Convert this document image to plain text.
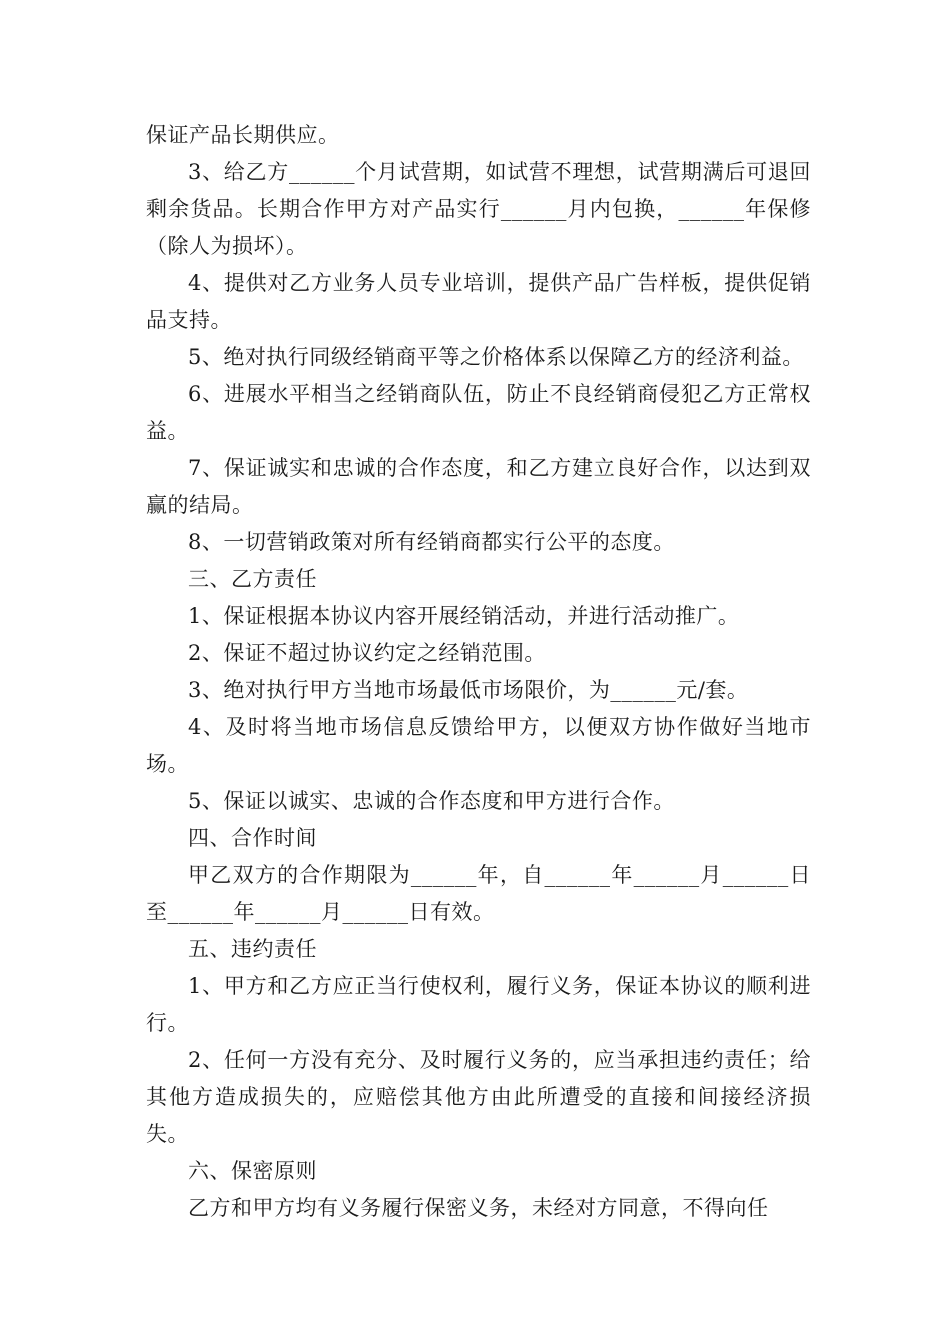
保证产品长期供应。

3、给乙方______个月试营期，如试营不理想，试营期满后可退回剩余货品。长期合作甲方对产品实行______月内包换，______年保修（除人为损坏）。

4、提供对乙方业务人员专业培训，提供产品广告样板，提供促销品支持。

5、绝对执行同级经销商平等之价格体系以保障乙方的经济利益。

6、进展水平相当之经销商队伍，防止不良经销商侵犯乙方正常权益。

7、保证诚实和忠诚的合作态度，和乙方建立良好合作，以达到双赢的结局。

8、一切营销政策对所有经销商都实行公平的态度。

三、乙方责任

1、保证根据本协议内容开展经销活动，并进行活动推广。

2、保证不超过协议约定之经销范围。

3、绝对执行甲方当地市场最低市场限价，为______元/套。

4、及时将当地市场信息反馈给甲方，以便双方协作做好当地市场。

5、保证以诚实、忠诚的合作态度和甲方进行合作。

四、合作时间

甲乙双方的合作期限为______年，自______年______月______日至______年______月______日有效。

五、违约责任

1、甲方和乙方应正当行使权利，履行义务，保证本协议的顺利进行。

2、任何一方没有充分、及时履行义务的，应当承担违约责任；给其他方造成损失的，应赔偿其他方由此所遭受的直接和间接经济损失。

六、保密原则

乙方和甲方均有义务履行保密义务，未经对方同意，不得向任
